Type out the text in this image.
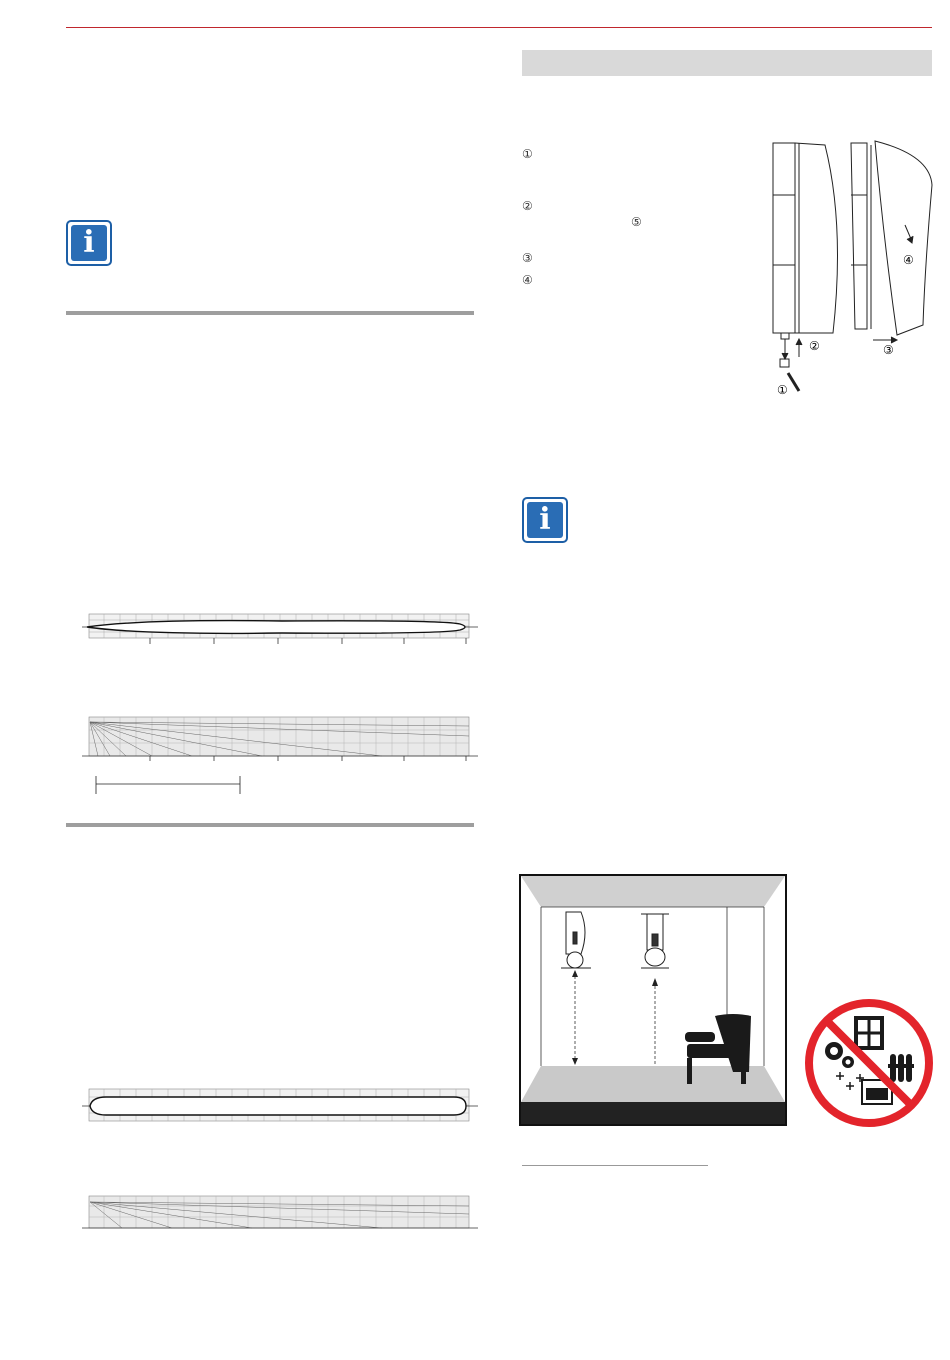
i
i
①
②
⑤
③
④
①
②	③
④
